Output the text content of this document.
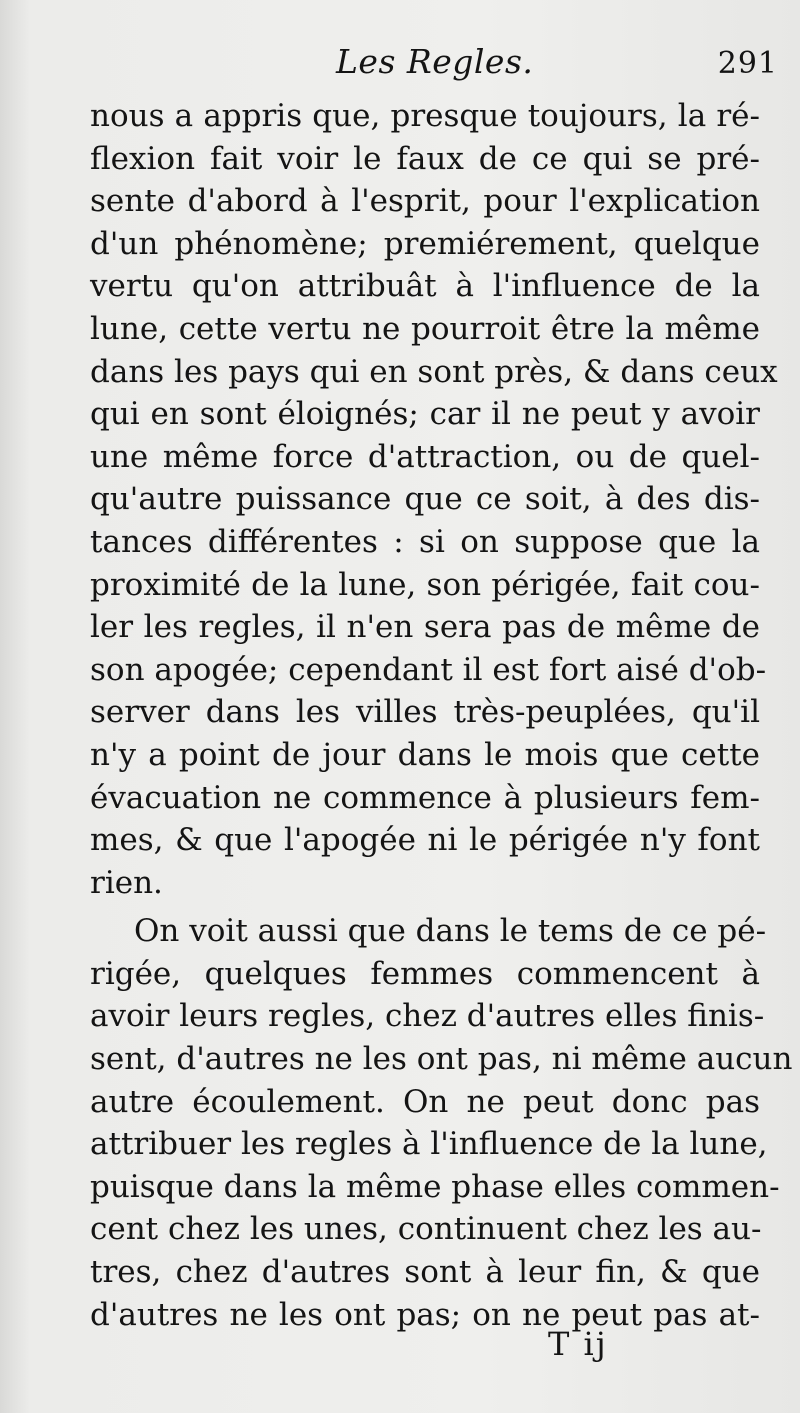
Les Regles.	291
nous a appris que, presque toujours, la ré-
flexion fait voir le faux de ce qui se pré-
sente d'abord à l'esprit, pour l'explication
d'un phénomène; premiérement, quelque
vertu qu'on attribuât à l'influence de la
lune, cette vertu ne pourroit être la même
dans les pays qui en sont près, & dans ceux
qui en sont éloignés; car il ne peut y avoir
une même force d'attraction, ou de quel-
qu'autre puissance que ce soit, à des dis-
tances différentes : si on suppose que la
proximité de la lune, son périgée, fait cou-
ler les regles, il n'en sera pas de même de
son apogée; cependant il est fort aisé d'ob-
server dans les villes très-peuplées, qu'il
n'y a point de jour dans le mois que cette
évacuation ne commence à plusieurs fem-
mes, & que l'apogée ni le périgée n'y font
rien.
On voit aussi que dans le tems de ce pé-
rigée, quelques femmes commencent à
avoir leurs regles, chez d'autres elles finis-
sent, d'autres ne les ont pas, ni même aucun
autre écoulement. On ne peut donc pas
attribuer les regles à l'influence de la lune,
puisque dans la même phase elles commen-
cent chez les unes, continuent chez les au-
tres, chez d'autres sont à leur fin, & que
d'autres ne les ont pas; on ne peut pas at-
T ij
